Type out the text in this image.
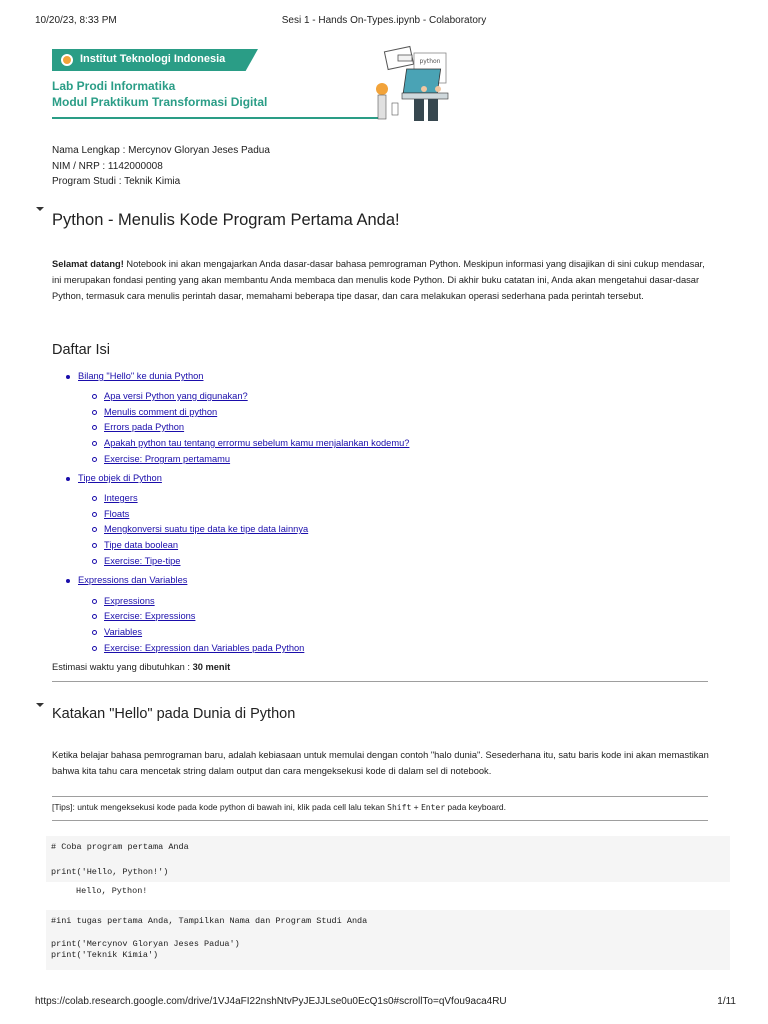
10/20/23, 8:33 PM	Sesi 1 - Hands On-Types.ipynb - Colaboratory
Institut Teknologi Indonesia
Lab Prodi Informatika
Modul Praktikum Transformasi Digital
python
Nama Lengkap : Mercynov Gloryan Jeses Padua
NIM / NRP : 1142000008
Program Studi : Teknik Kimia
Python - Menulis Kode Program Pertama Anda!
Selamat datang! Notebook ini akan mengajarkan Anda dasar-dasar bahasa pemrograman Python. Meskipun informasi yang disajikan di sini cukup mendasar, ini merupakan fondasi penting yang akan membantu Anda membaca dan menulis kode Python. Di akhir buku catatan ini, Anda akan mengetahui dasar-dasar Python, termasuk cara menulis perintah dasar, memahami beberapa tipe dasar, dan cara melakukan operasi sederhana pada perintah tersebut.
Daftar Isi
Bilang "Hello" ke dunia Python
Apa versi Python yang digunakan?
Menulis comment di python
Errors pada Python
Apakah python tau tentang errormu sebelum kamu menjalankan kodemu?
Exercise: Program pertamamu
Tipe objek di Python
Integers
Floats
Mengkonversi suatu tipe data ke tipe data lainnya
Tipe data boolean
Exercise: Tipe-tipe
Expressions dan Variables
Expressions
Exercise: Expressions
Variables
Exercise: Expression dan Variables pada Python
Estimasi waktu yang dibutuhkan : 30 menit
Katakan "Hello" pada Dunia di Python
Ketika belajar bahasa pemrograman baru, adalah kebiasaan untuk memulai dengan contoh "halo dunia". Sesederhana itu, satu baris kode ini akan memastikan bahwa kita tahu cara mencetak string dalam output dan cara mengeksekusi kode di dalam sel di notebook.
[Tips]: untuk mengeksekusi kode pada kode python di bawah ini, klik pada cell lalu tekan Shift + Enter pada keyboard.
# Coba program pertama Anda
print('Hello, Python!')
Hello, Python!
#ini tugas pertama Anda, Tampilkan Nama dan Program Studi Anda
print('Mercynov Gloryan Jeses Padua')
print('Teknik Kimia')
https://colab.research.google.com/drive/1VJ4aFI22nshNtvPyJEJJLse0u0EcQ1s0#scrollTo=qVfou9aca4RU	1/11
